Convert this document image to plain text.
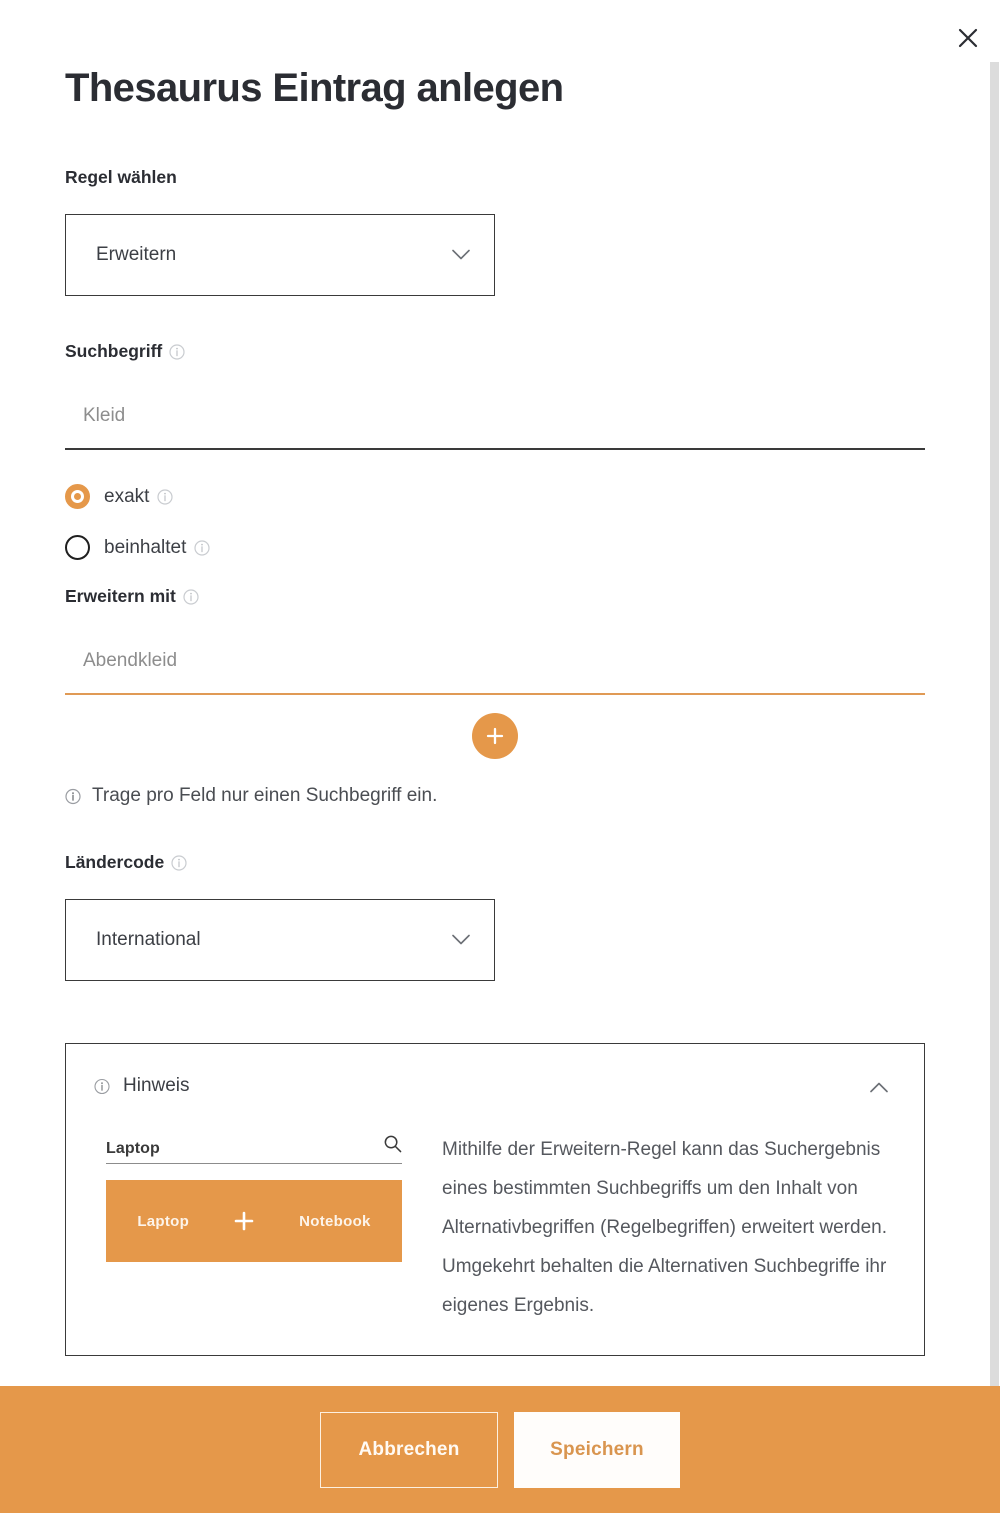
Thesaurus Eintrag anlegen
Regel wählen
Erweitern
Suchbegriff
Kleid
exakt
beinhaltet
Erweitern mit
Abendkleid
Trage pro Feld nur einen Suchbegriff ein.
Ländercode
International
Hinweis
Laptop
Laptop	Notebook
Mithilfe der Erweitern-Regel kann das Suchergebnis eines bestimmten Suchbegriffs um den Inhalt von Alternativbegriffen (Regelbegriffen) erweitert werden. Umgekehrt behalten die Alternativen Suchbegriffe ihr eigenes Ergebnis.
Abbrechen	Speichern
